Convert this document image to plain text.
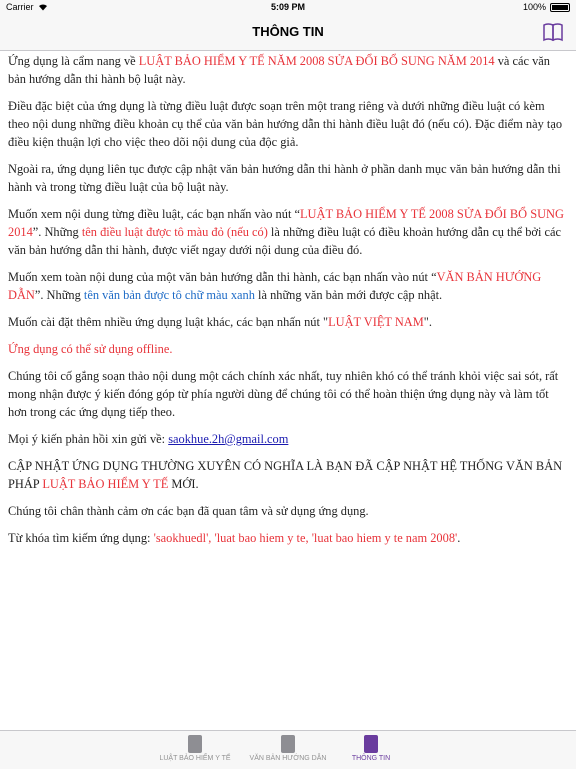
Carrier	5:09 PM	100%
THÔNG TIN

Ứng dụng là cẩm nang về LUẬT BẢO HIỂM Y TẾ NĂM 2008 SỬA ĐỔI BỔ SUNG NĂM 2014 và các văn bản hướng dẫn thi hành bộ luật này.

Điều đặc biệt của ứng dụng là từng điều luật được soạn trên một trang riêng và dưới những điều luật có kèm theo nội dung những điều khoản cụ thể của văn bản hướng dẫn thi hành điều luật đó (nếu có). Đặc điểm này tạo điều kiện thuận lợi cho việc theo dõi nội dung của độc giả.

Ngoài ra, ứng dụng liên tục được cập nhật văn bản hướng dẫn thi hành ở phần danh mục văn bản hướng dẫn thi hành và trong từng điều luật của bộ luật này.

Muốn xem nội dung từng điều luật, các bạn nhấn vào nút “LUẬT BẢO HIỂM Y TẾ 2008 SỬA ĐỔI BỔ SUNG 2014”. Những tên điều luật được tô màu đỏ (nếu có) là những điều luật có điều khoản hướng dẫn cụ thể bởi các văn bản hướng dẫn thi hành, được viết ngay dưới nội dung của điều đó.

Muốn xem toàn nội dung của một văn bản hướng dẫn thi hành, các bạn nhấn vào nút “VĂN BẢN HƯỚNG DẪN”. Những tên văn bản được tô chữ màu xanh là những văn bản mới được cập nhật.

Muốn cài đặt thêm nhiều ứng dụng luật khác, các bạn nhấn nút "LUẬT VIỆT NAM".

Ứng dụng có thể sử dụng offline.

Chúng tôi cố gắng soạn thảo nội dung một cách chính xác nhất, tuy nhiên khó có thể tránh khỏi việc sai sót, rất mong nhận được ý kiến đóng góp từ phía người dùng để chúng tôi có thể hoàn thiện ứng dụng này và làm tốt hơn trong các ứng dụng tiếp theo.

Mọi ý kiến phản hồi xin gửi về: saokhue.2h@gmail.com

CẬP NHẬT ỨNG DỤNG THƯỜNG XUYÊN CÓ NGHĨA LÀ BẠN ĐÃ CẬP NHẬT HỆ THỐNG VĂN BẢN PHÁP LUẬT BẢO HIỂM Y TẾ MỚI.

Chúng tôi chân thành cảm ơn các bạn đã quan tâm và sử dụng ứng dụng.

Từ khóa tìm kiếm ứng dụng: 'saokhuedl', 'luat bao hiem y te, 'luat bao hiem y te nam 2008'.

LUẬT BẢO HIỂM Y TẾ	VĂN BẢN HƯỚNG DẪN	THÔNG TIN
